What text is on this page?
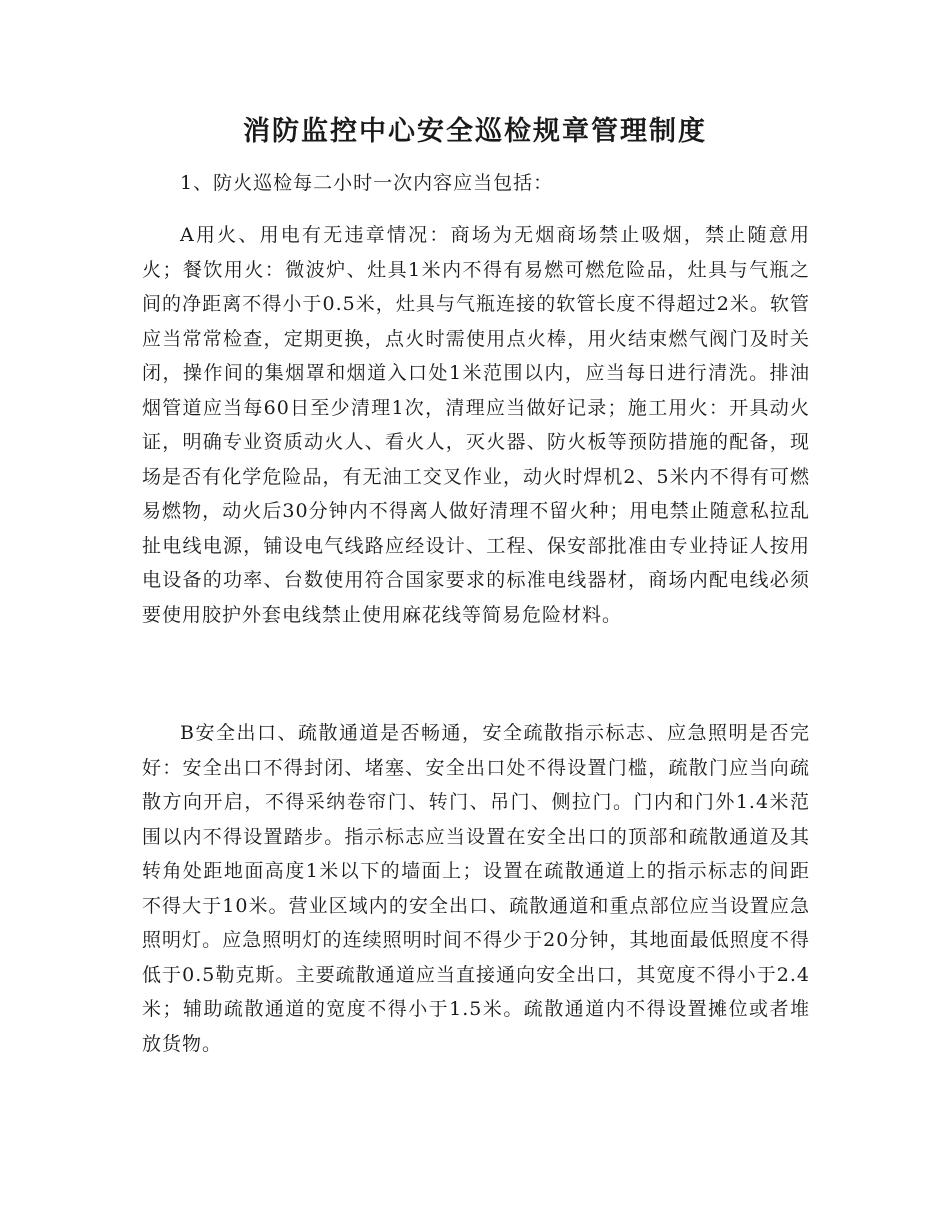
消防监控中心安全巡检规章管理制度

1、防火巡检每二小时一次内容应当包括：

A用火、用电有无违章情况：商场为无烟商场禁止吸烟，禁止随意用火；餐饮用火：微波炉、灶具1米内不得有易燃可燃危险品，灶具与气瓶之间的净距离不得小于0.5米，灶具与气瓶连接的软管长度不得超过2米。软管应当常常检查，定期更换，点火时需使用点火棒，用火结束燃气阀门及时关闭，操作间的集烟罩和烟道入口处1米范围以内，应当每日进行清洗。排油烟管道应当每60日至少清理1次，清理应当做好记录；施工用火：开具动火证，明确专业资质动火人、看火人，灭火器、防火板等预防措施的配备，现场是否有化学危险品，有无油工交叉作业，动火时焊机2、5米内不得有可燃易燃物，动火后30分钟内不得离人做好清理不留火种；用电禁止随意私拉乱扯电线电源，铺设电气线路应经设计、工程、保安部批准由专业持证人按用电设备的功率、台数使用符合国家要求的标准电线器材，商场内配电线必须要使用胶护外套电线禁止使用麻花线等简易危险材料。

B安全出口、疏散通道是否畅通，安全疏散指示标志、应急照明是否完好：安全出口不得封闭、堵塞、安全出口处不得设置门槛，疏散门应当向疏散方向开启，不得采纳卷帘门、转门、吊门、侧拉门。门内和门外1.4米范围以内不得设置踏步。指示标志应当设置在安全出口的顶部和疏散通道及其转角处距地面高度1米以下的墙面上；设置在疏散通道上的指示标志的间距不得大于10米。营业区域内的安全出口、疏散通道和重点部位应当设置应急照明灯。应急照明灯的连续照明时间不得少于20分钟，其地面最低照度不得低于0.5勒克斯。主要疏散通道应当直接通向安全出口，其宽度不得小于2.4米；辅助疏散通道的宽度不得小于1.5米。疏散通道内不得设置摊位或者堆放货物。
